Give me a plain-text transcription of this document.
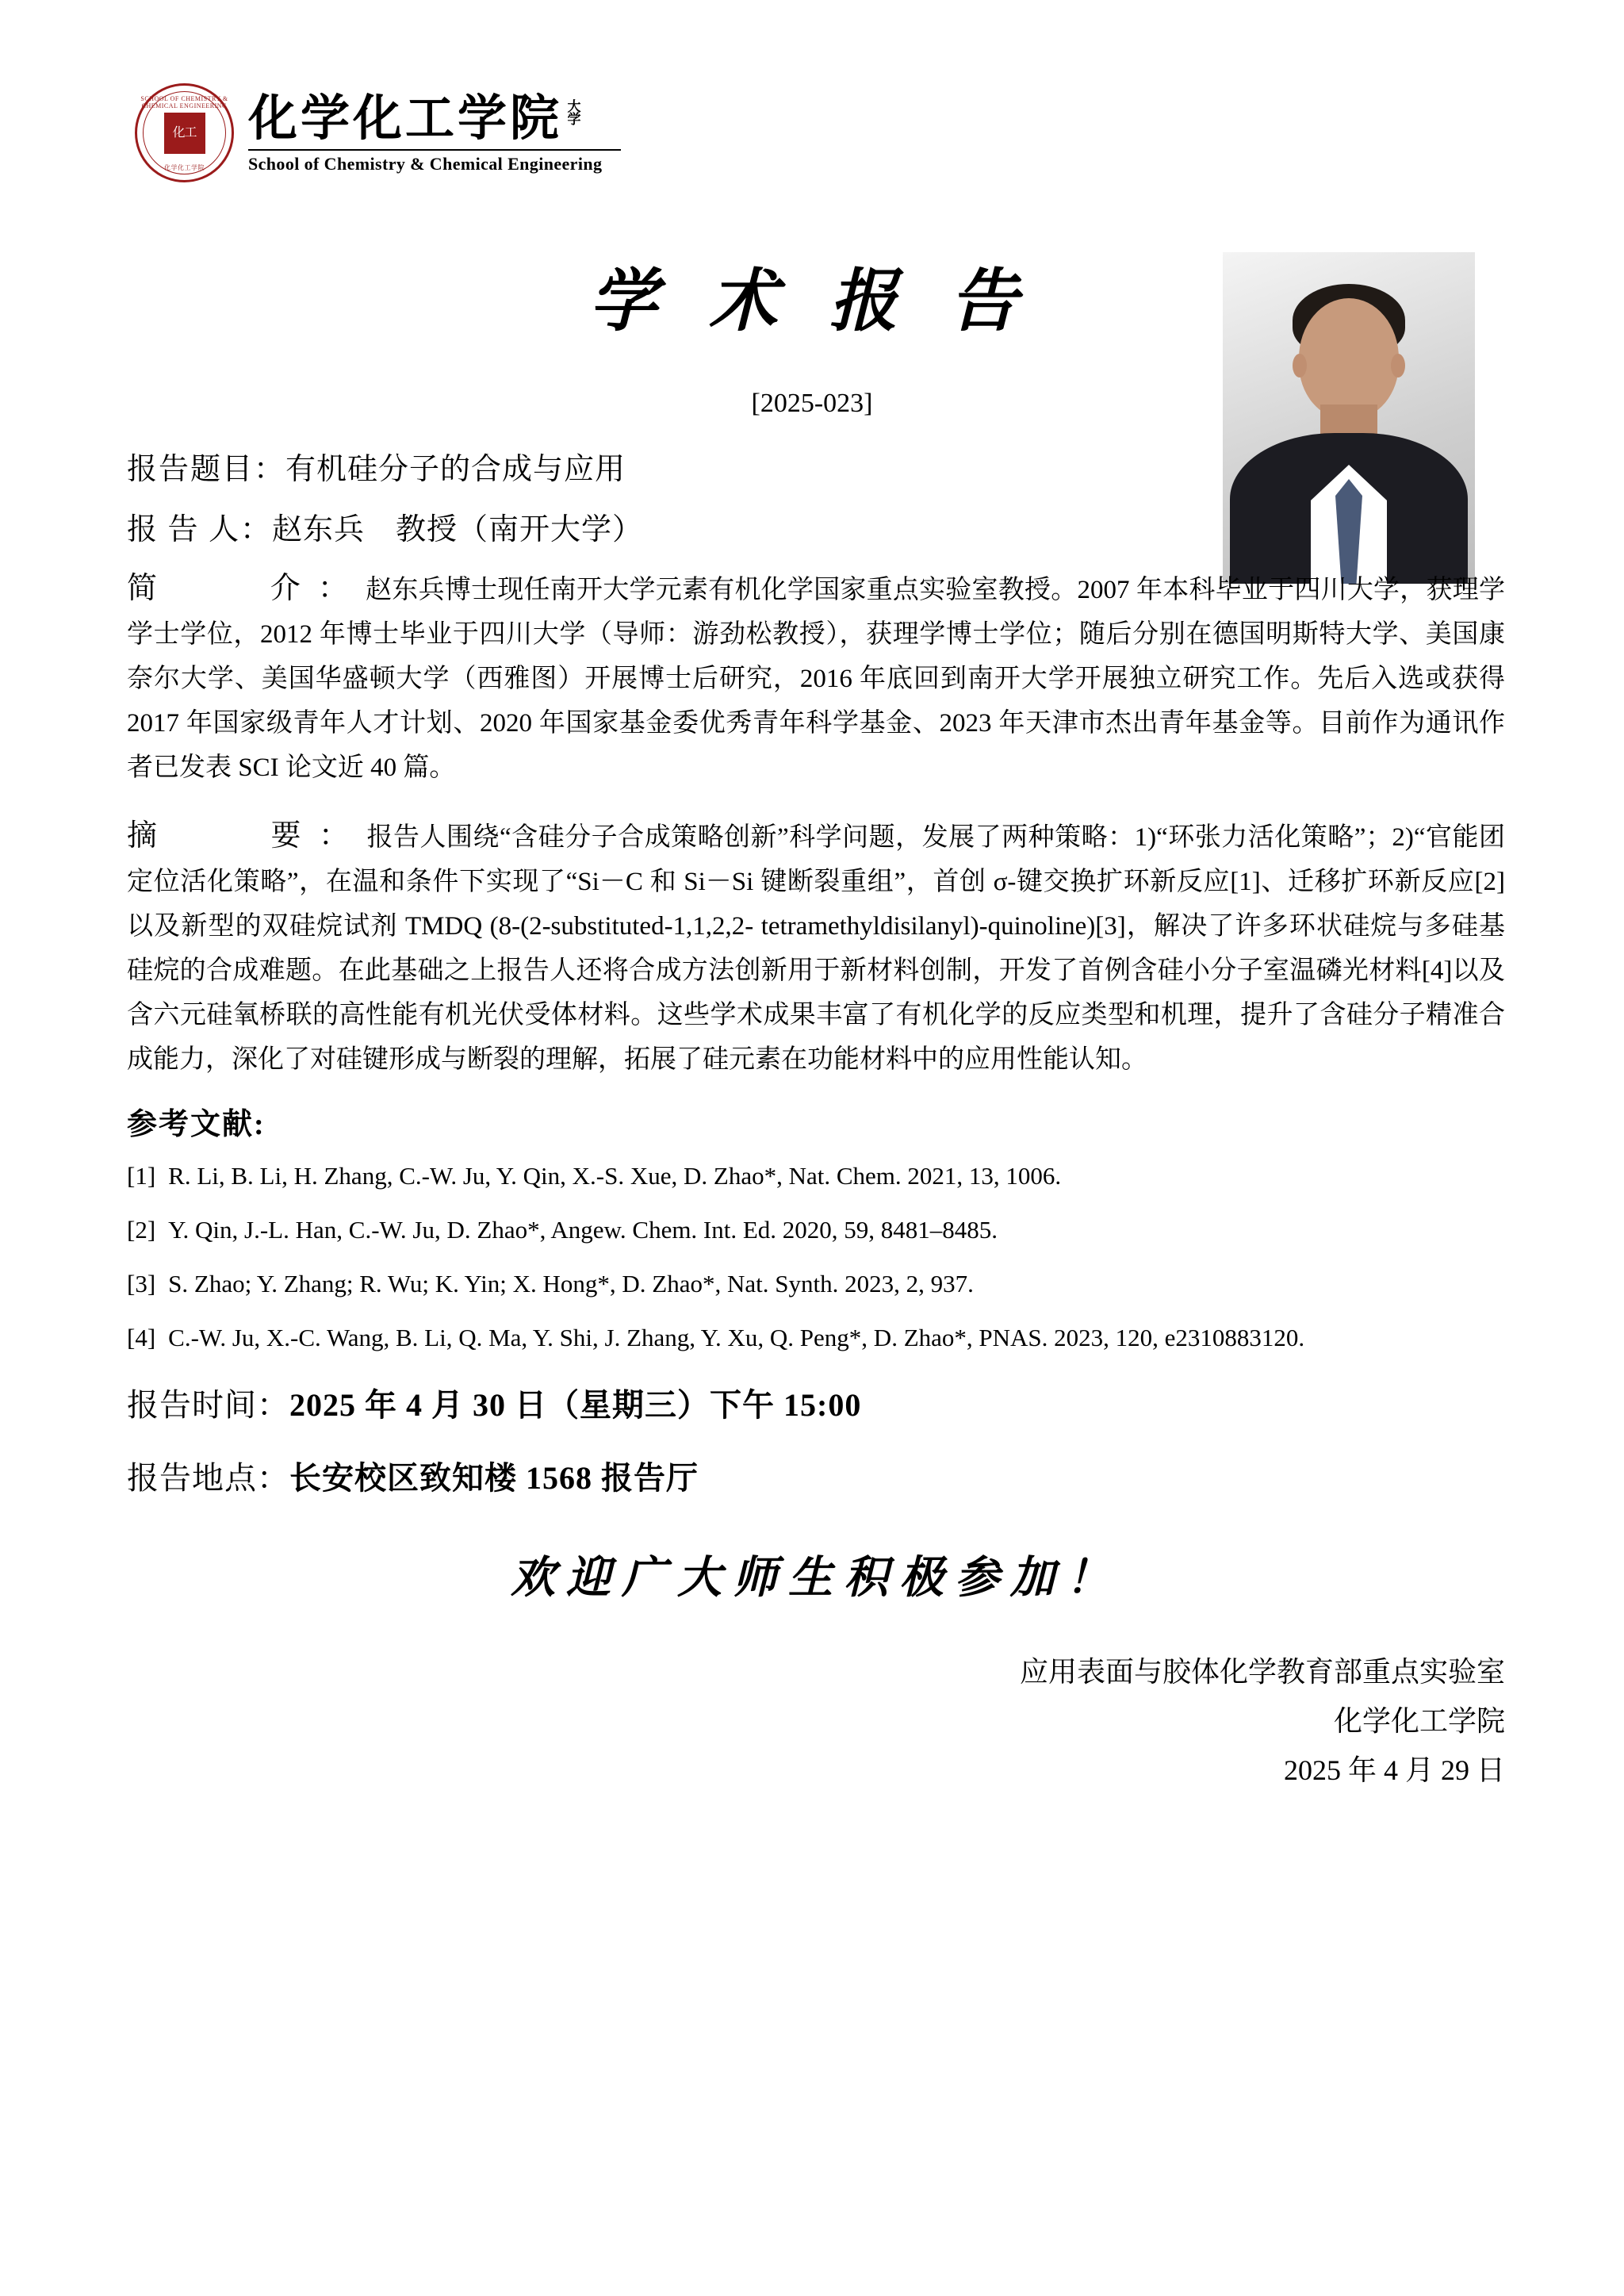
SCHOOL OF CHEMISTRY & CHEMICAL ENGINEERING
化工
化学化工学院
化学化工学院 大学
School of Chemistry & Chemical Engineering
学 术 报 告
[2025-023]
报告题目： 有机硅分子的合成与应用
报 告 人： 赵东兵　教授（南开大学）
简　　介：赵东兵博士现任南开大学元素有机化学国家重点实验室教授。2007 年本科毕业于四川大学，获理学学士学位，2012 年博士毕业于四川大学（导师：游劲松教授），获理学博士学位；随后分别在德国明斯特大学、美国康奈尔大学、美国华盛顿大学（西雅图）开展博士后研究，2016 年底回到南开大学开展独立研究工作。先后入选或获得 2017 年国家级青年人才计划、2020 年国家基金委优秀青年科学基金、2023 年天津市杰出青年基金等。目前作为通讯作者已发表 SCI 论文近 40 篇。
摘　　要：报告人围绕“含硅分子合成策略创新”科学问题，发展了两种策略：1)“环张力活化策略”；2)“官能团定位活化策略”，在温和条件下实现了“Si－C 和 Si－Si 键断裂重组”，首创 σ-键交换扩环新反应[1]、迁移扩环新反应[2]以及新型的双硅烷试剂 TMDQ (8-(2-substituted-1,1,2,2- tetramethyldisilanyl)-quinoline)[3]，解决了许多环状硅烷与多硅基硅烷的合成难题。在此基础之上报告人还将合成方法创新用于新材料创制，开发了首例含硅小分子室温磷光材料[4]以及含六元硅氧桥联的高性能有机光伏受体材料。这些学术成果丰富了有机化学的反应类型和机理，提升了含硅分子精准合成能力，深化了对硅键形成与断裂的理解，拓展了硅元素在功能材料中的应用性能认知。
参考文献:
[1] R. Li, B. Li, H. Zhang, C.-W. Ju, Y. Qin, X.-S. Xue, D. Zhao*, Nat. Chem. 2021, 13, 1006.
[2] Y. Qin, J.-L. Han, C.-W. Ju, D. Zhao*, Angew. Chem. Int. Ed. 2020, 59, 8481–8485.
[3] S. Zhao; Y. Zhang; R. Wu; K. Yin; X. Hong*, D. Zhao*, Nat. Synth. 2023, 2, 937.
[4] C.-W. Ju, X.-C. Wang, B. Li, Q. Ma, Y. Shi, J. Zhang, Y. Xu, Q. Peng*, D. Zhao*, PNAS. 2023, 120, e2310883120.
报告时间：2025 年 4 月 30 日（星期三）下午 15:00
报告地点：长安校区致知楼 1568 报告厅
欢迎广大师生积极参加！
应用表面与胶体化学教育部重点实验室
化学化工学院
2025 年 4 月 29 日
